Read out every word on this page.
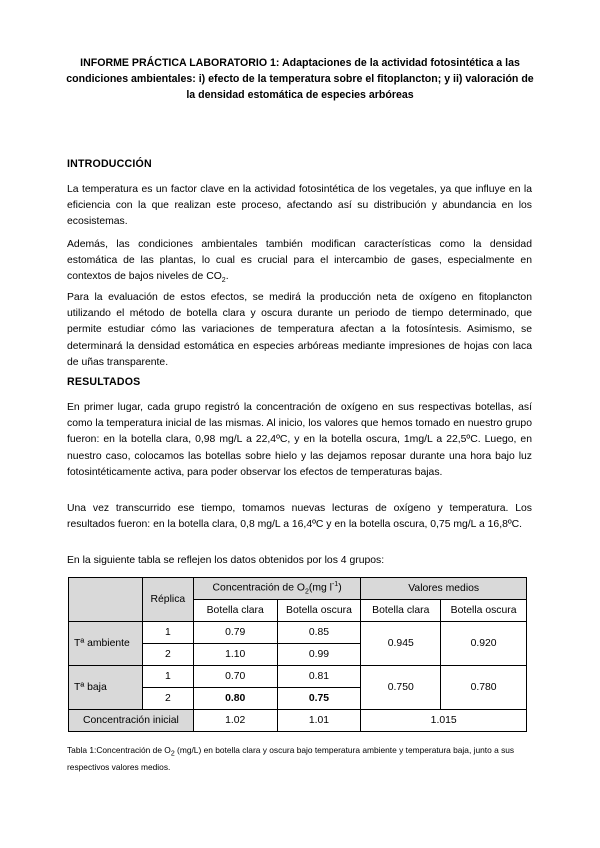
INFORME PRÁCTICA LABORATORIO 1: Adaptaciones de la actividad fotosintética a las condiciones ambientales: i) efecto de la temperatura sobre el fitoplancton; y ii) valoración de la densidad estomática de especies arbóreas
INTRODUCCIÓN
La temperatura es un factor clave en la actividad fotosintética de los vegetales, ya que influye en la eficiencia con la que realizan este proceso, afectando así su distribución y abundancia en los ecosistemas.
Además, las condiciones ambientales también modifican características como la densidad estomática de las plantas, lo cual es crucial para el intercambio de gases, especialmente en contextos de bajos niveles de $CO_2$.
Para la evaluación de estos efectos, se medirá la producción neta de oxígeno en fitoplancton utilizando el método de botella clara y oscura durante un periodo de tiempo determinado, que permite estudiar cómo las variaciones de temperatura afectan a la fotosíntesis. Asimismo, se determinará la densidad estomática en especies arbóreas mediante impresiones de hojas con laca de uñas transparente.
RESULTADOS
En primer lugar, cada grupo registró la concentración de oxígeno en sus respectivas botellas, así como la temperatura inicial de las mismas. Al inicio, los valores que hemos tomado en nuestro grupo fueron: en la botella clara, 0,98 mg/L a 22,4ºC, y en la botella oscura, 1mg/L a 22,5ºC. Luego, en nuestro caso, colocamos las botellas sobre hielo y las dejamos reposar durante una hora bajo luz fotosintéticamente activa, para poder observar los efectos de temperaturas bajas.
Una vez transcurrido ese tiempo, tomamos nuevas lecturas de oxígeno y temperatura. Los resultados fueron: en la botella clara, 0,8 mg/L a 16,4ºC y en la botella oscura, 0,75 mg/L a 16,8ºC.
En la siguiente tabla se reflejen los datos obtenidos por los 4 grupos:
	Réplica	Concentración de $O_2(mg$ $l^{-1}$)		Valores medios	
		Botella clara	Botella oscura	Botella clara	Botella oscura
Tª ambiente	1	0.79	0.85	0.945	0.920
	2	1.10	0.99		
Tª baja	1	0.70	0.81	0.750	0.780
	2	0.80	0.75		
Concentración inicial		1.02	1.01	1.015	
Tabla 1:Concentración de $O_2$ (mg/L) en botella clara y oscura bajo temperatura ambiente y temperatura baja, junto a sus respectivos valores medios.
